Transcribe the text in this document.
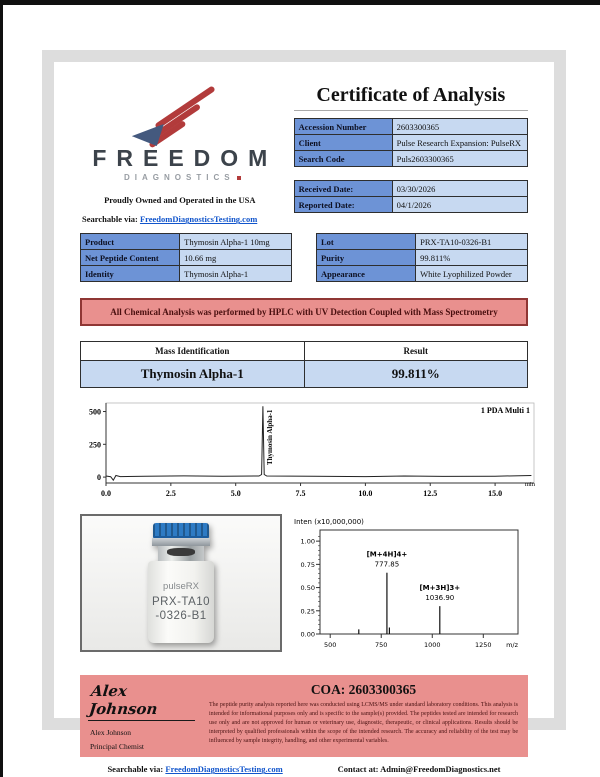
FREEDOM
DIAGNOSTICS
Proudly Owned and Operated in the USA
Searchable via: FreedomDiagnosticsTesting.com
Certificate of Analysis
Accession Number	2603300365
Client	Pulse Research Expansion: PulseRX
Search Code	Puls2603300365
Received Date:	03/30/2026
Reported Date:	04/1/2026
Product	Thymosin Alpha-1 10mg
Net Peptide Content	10.66 mg
Identity	Thymosin Alpha-1
Lot	PRX-TA10-0326-B1
Purity	99.811%
Appearance	White Lyophilized Powder
All Chemical Analysis was performed by HPLC with UV Detection Coupled with Mass Spectrometry
Mass Identification	Result
Thymosin Alpha-1	99.811%
0.0	2.5	5.0	7.5	10.0	12.5	15.0
0
250
500
min
1 PDA Multi 1
Thymosin Alpha-1
pulseRX
PRX-TA10
-0326-B1
Inten (x10,000,000)
0.00
0.25
0.50
0.75
1.00
500	750	1000	1250 m/z
[M+4H]4+
777.85
[M+3H]3+
1036.90
Alex Johnson
Alex Johnson
Principal Chemist
COA: 2603300365
The peptide purity analysis reported here was conducted using LCMS/MS under standard laboratory conditions. This analysis is intended for informational purposes only and is specific to the sample(s) provided. The peptides tested are intended for research use only and are not approved for human or veterinary use, diagnostic, therapeutic, or clinical applications. Results should be interpreted by qualified professionals within the scope of the intended research. The accuracy and reliability of the test may be influenced by sample integrity, handling, and other experimental variables.
Searchable via: FreedomDiagnosticsTesting.com	Contact at: Admin@FreedomDiagnostics.net
